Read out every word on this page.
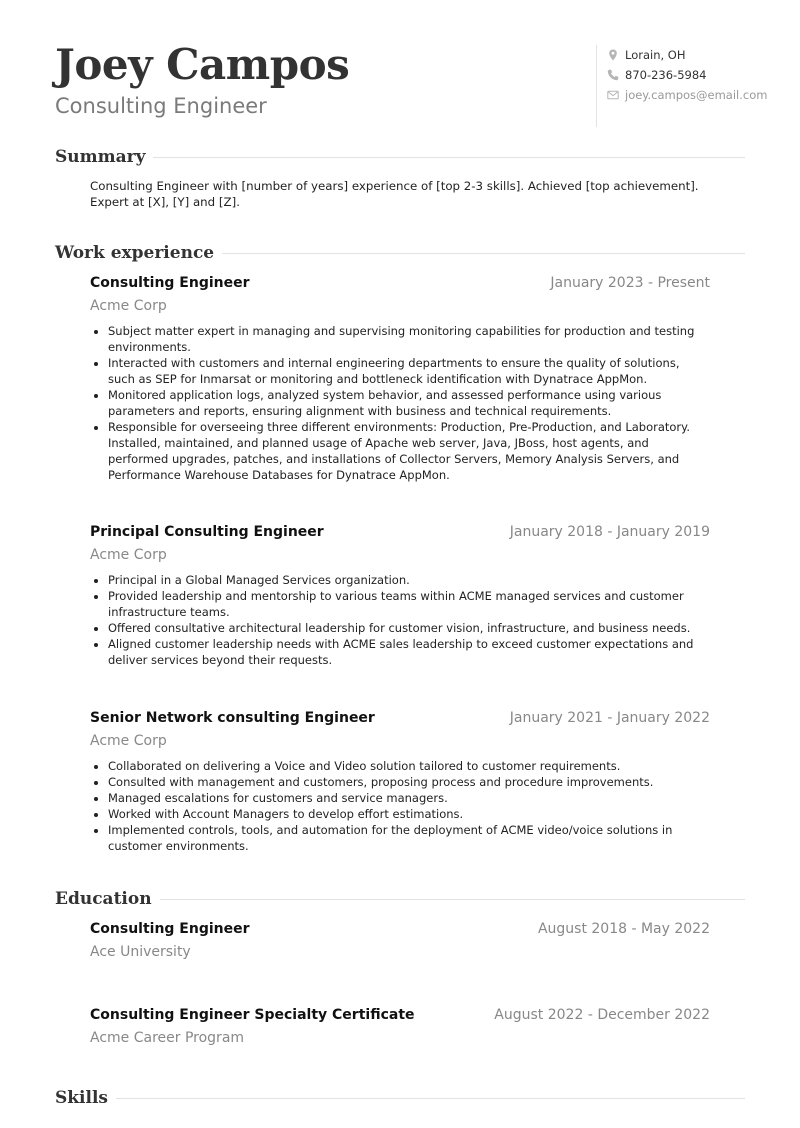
Joey Campos
Consulting Engineer
Lorain, OH
870-236-5984
joey.campos@email.com
Summary

Consulting Engineer with [number of years] experience of [top 2-3 skills]. Achieved [top achievement]. Expert at [X], [Y] and [Z].

Work experience
Consulting Engineer	January 2023 - Present
Acme Corp
• Subject matter expert in managing and supervising monitoring capabilities for production and testing environments.
• Interacted with customers and internal engineering departments to ensure the quality of solutions, such as SEP for Inmarsat or monitoring and bottleneck identification with Dynatrace AppMon.
• Monitored application logs, analyzed system behavior, and assessed performance using various parameters and reports, ensuring alignment with business and technical requirements.
• Responsible for overseeing three different environments: Production, Pre-Production, and Laboratory. Installed, maintained, and planned usage of Apache web server, Java, JBoss, host agents, and performed upgrades, patches, and installations of Collector Servers, Memory Analysis Servers, and Performance Warehouse Databases for Dynatrace AppMon.
Principal Consulting Engineer	January 2018 - January 2019
Acme Corp
• Principal in a Global Managed Services organization.
• Provided leadership and mentorship to various teams within ACME managed services and customer infrastructure teams.
• Offered consultative architectural leadership for customer vision, infrastructure, and business needs.
• Aligned customer leadership needs with ACME sales leadership to exceed customer expectations and deliver services beyond their requests.
Senior Network consulting Engineer	January 2021 - January 2022
Acme Corp
• Collaborated on delivering a Voice and Video solution tailored to customer requirements.
• Consulted with management and customers, proposing process and procedure improvements.
• Managed escalations for customers and service managers.
• Worked with Account Managers to develop effort estimations.
• Implemented controls, tools, and automation for the deployment of ACME video/voice solutions in customer environments.
Education
Consulting Engineer	August 2018 - May 2022
Ace University
Consulting Engineer Specialty Certificate	August 2022 - December 2022
Acme Career Program
Skills
